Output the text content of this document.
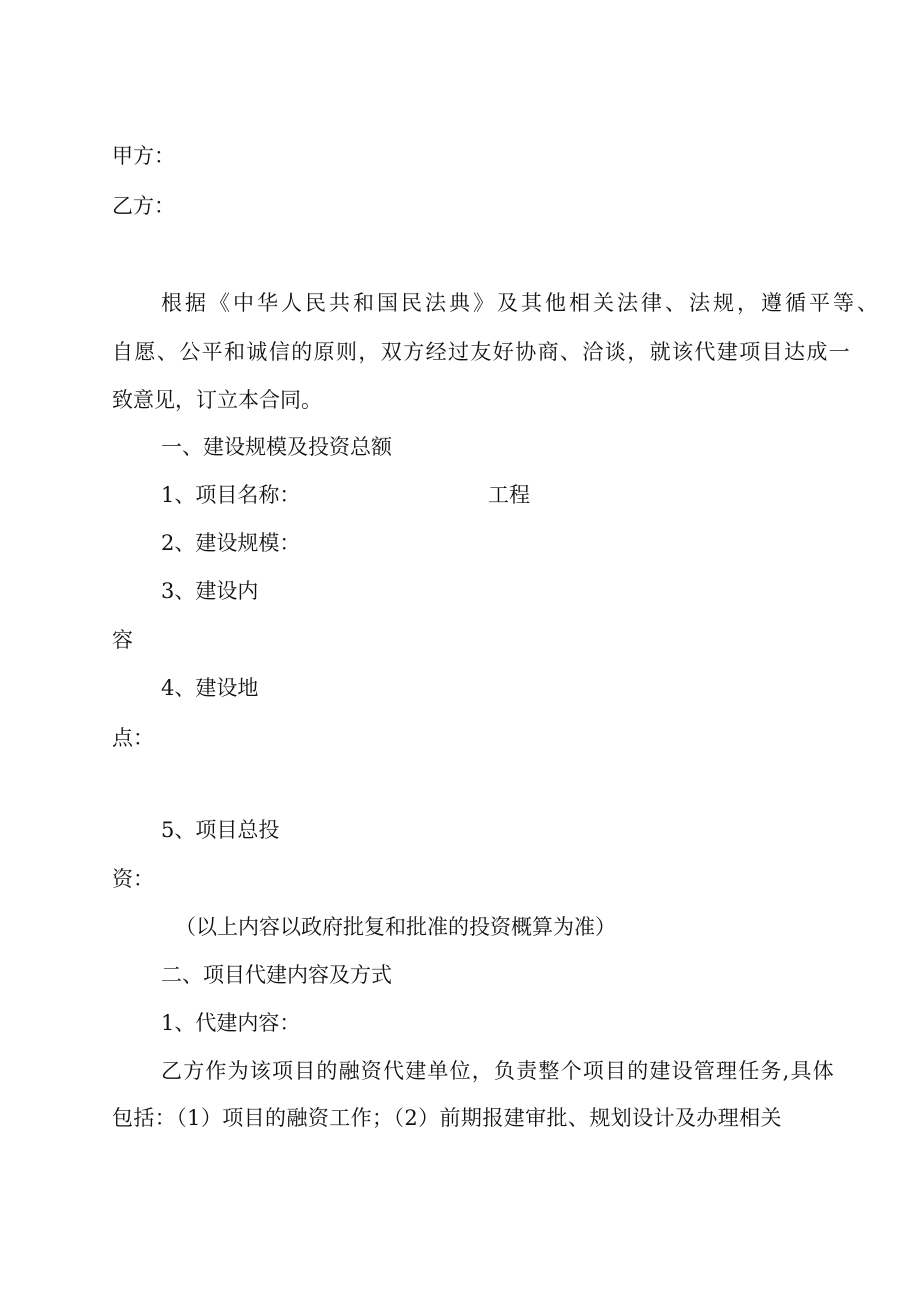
甲方：
乙方：
根据《中华人民共和国民法典》及其他相关法律、法规，遵循平等、
自愿、公平和诚信的原则，双方经过友好协商、洽谈，就该代建项目达成一
致意见，订立本合同。
一、建设规模及投资总额
1、项目名称：	工程
2、建设规模：
3、建设内
容
4、建设地
点：
5、项目总投
资：
（以上内容以政府批复和批准的投资概算为准）
二、项目代建内容及方式
1、代建内容：
乙方作为该项目的融资代建单位，负责整个项目的建设管理任务,具体
包括：（1）项目的融资工作；（2）前期报建审批、规划设计及办理相关
